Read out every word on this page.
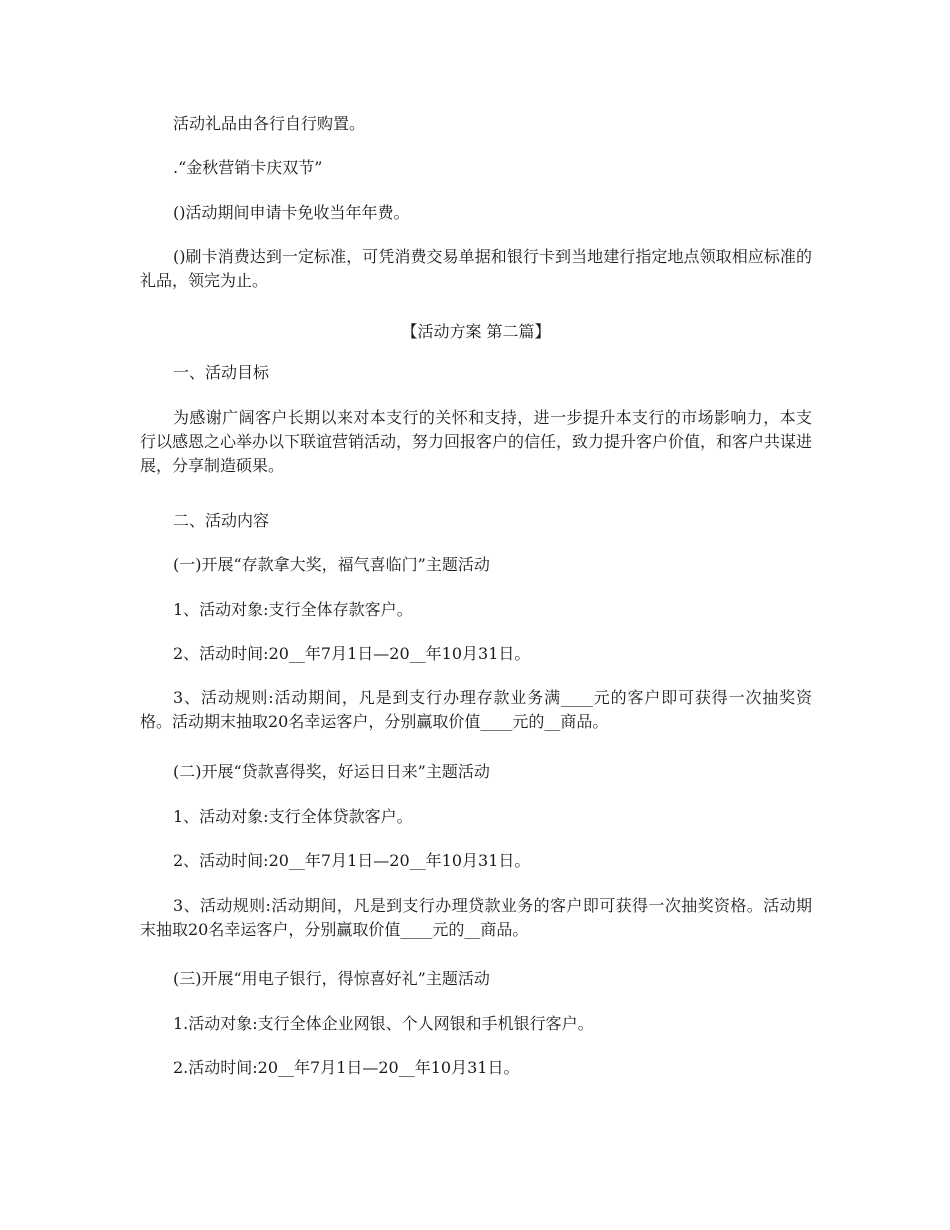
活动礼品由各行自行购置。

.“金秋营销卡庆双节”

()活动期间申请卡免收当年年费。

()刷卡消费达到一定标准，可凭消费交易单据和银行卡到当地建行指定地点领取相应标准的礼品，领完为止。

【活动方案 第二篇】

一、活动目标

为感谢广阔客户长期以来对本支行的关怀和支持，进一步提升本支行的市场影响力，本支行以感恩之心举办以下联谊营销活动，努力回报客户的信任，致力提升客户价值，和客户共谋进展，分享制造硕果。

二、活动内容

(一)开展“存款拿大奖，福气喜临门”主题活动

1、活动对象:支行全体存款客户。

2、活动时间:20__年7月1日—20__年10月31日。

3、活动规则:活动期间，凡是到支行办理存款业务满____元的客户即可获得一次抽奖资格。活动期末抽取20名幸运客户，分别赢取价值____元的__商品。

(二)开展“贷款喜得奖，好运日日来”主题活动

1、活动对象:支行全体贷款客户。

2、活动时间:20__年7月1日—20__年10月31日。

3、活动规则:活动期间，凡是到支行办理贷款业务的客户即可获得一次抽奖资格。活动期末抽取20名幸运客户，分别赢取价值____元的__商品。

(三)开展“用电子银行，得惊喜好礼”主题活动

1.活动对象:支行全体企业网银、个人网银和手机银行客户。

2.活动时间:20__年7月1日—20__年10月31日。
